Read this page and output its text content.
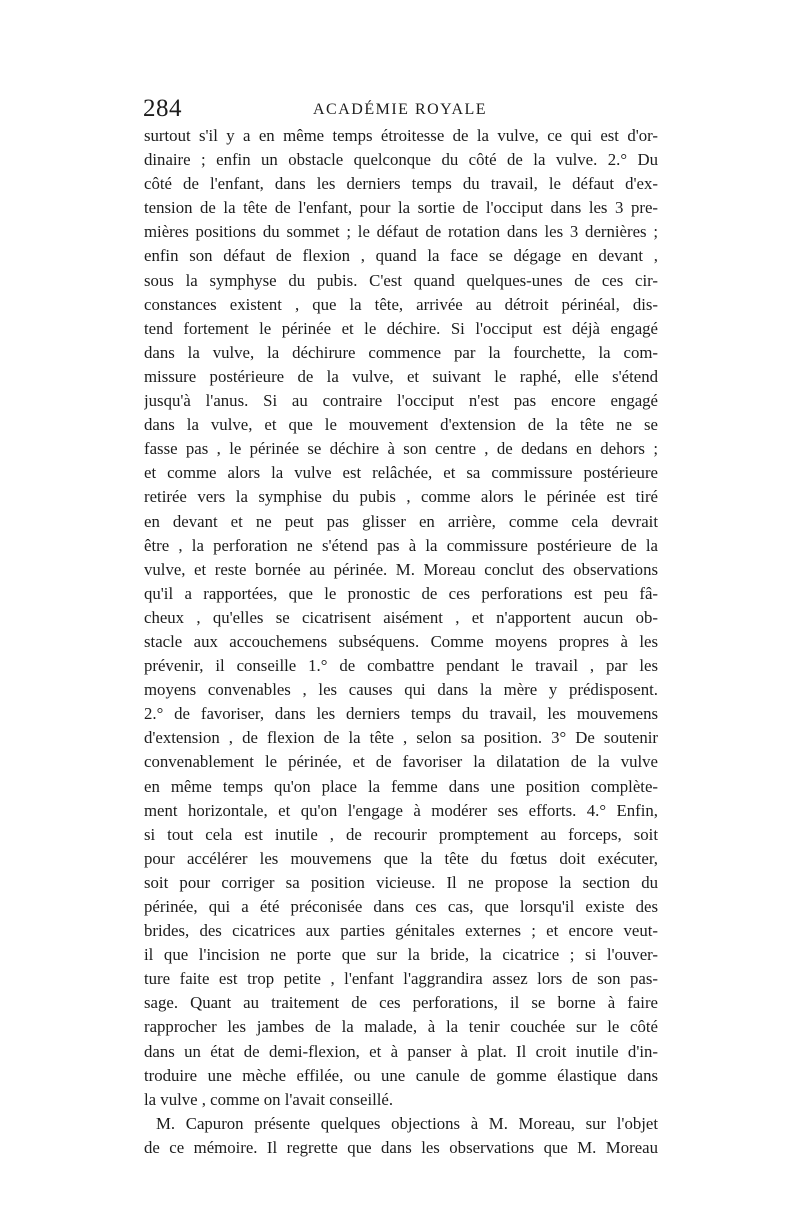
284	ACADÉMIE ROYALE
surtout s'il y a en même temps étroitesse de la vulve, ce qui est d'or-
dinaire ; enfin un obstacle quelconque du côté de la vulve. 2.° Du
côté de l'enfant, dans les derniers temps du travail, le défaut d'ex-
tension de la tête de l'enfant, pour la sortie de l'occiput dans les 3 pre-
mières positions du sommet ; le défaut de rotation dans les 3 dernières ;
enfin son défaut de flexion , quand la face se dégage en devant ,
sous la symphyse du pubis. C'est quand quelques-unes de ces cir-
constances existent , que la tête, arrivée au détroit périnéal, dis-
tend fortement le périnée et le déchire. Si l'occiput est déjà engagé
dans la vulve, la déchirure commence par la fourchette, la com-
missure postérieure de la vulve, et suivant le raphé, elle s'étend
jusqu'à l'anus. Si au contraire l'occiput n'est pas encore engagé
dans la vulve, et que le mouvement d'extension de la tête ne se
fasse pas , le périnée se déchire à son centre , de dedans en dehors ;
et comme alors la vulve est relâchée, et sa commissure postérieure
retirée vers la symphise du pubis , comme alors le périnée est tiré
en devant et ne peut pas glisser en arrière, comme cela devrait
être , la perforation ne s'étend pas à la commissure postérieure de la
vulve, et reste bornée au périnée. M. Moreau conclut des observations
qu'il a rapportées, que le pronostic de ces perforations est peu fâ-
cheux , qu'elles se cicatrisent aisément , et n'apportent aucun ob-
stacle aux accouchemens subséquens. Comme moyens propres à les
prévenir, il conseille 1.° de combattre pendant le travail , par les
moyens convenables , les causes qui dans la mère y prédisposent.
2.° de favoriser, dans les derniers temps du travail, les mouvemens
d'extension , de flexion de la tête , selon sa position. 3° De soutenir
convenablement le périnée, et de favoriser la dilatation de la vulve
en même temps qu'on place la femme dans une position complète-
ment horizontale, et qu'on l'engage à modérer ses efforts. 4.° Enfin,
si tout cela est inutile , de recourir promptement au forceps, soit
pour accélérer les mouvemens que la tête du fœtus doit exécuter,
soit pour corriger sa position vicieuse. Il ne propose la section du
périnée, qui a été préconisée dans ces cas, que lorsqu'il existe des
brides, des cicatrices aux parties génitales externes ; et encore veut-
il que l'incision ne porte que sur la bride, la cicatrice ; si l'ouver-
ture faite est trop petite , l'enfant l'aggrandira assez lors de son pas-
sage. Quant au traitement de ces perforations, il se borne à faire
rapprocher les jambes de la malade, à la tenir couchée sur le côté
dans un état de demi-flexion, et à panser à plat. Il croit inutile d'in-
troduire une mèche effilée, ou une canule de gomme élastique dans
la vulve , comme on l'avait conseillé.
M. Capuron présente quelques objections à M. Moreau, sur l'objet
de ce mémoire. Il regrette que dans les observations que M. Moreau
